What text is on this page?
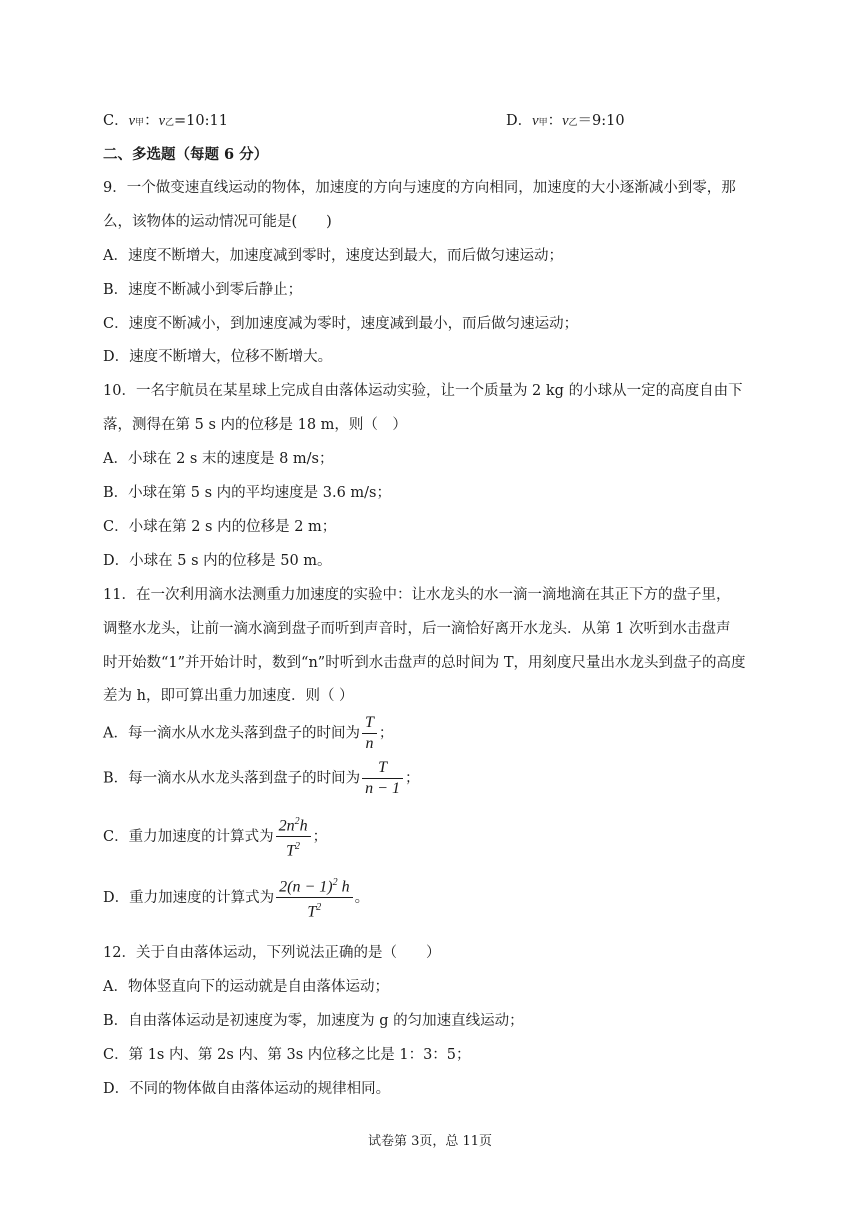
C．v甲：v乙=10:11	D．v甲：v乙＝9:10
二、多选题（每题 6 分）
9．一个做变速直线运动的物体，加速度的方向与速度的方向相同，加速度的大小逐渐减小到零，那
么，该物体的运动情况可能是(　　)
A．速度不断增大，加速度减到零时，速度达到最大，而后做匀速运动；
B．速度不断减小到零后静止；
C．速度不断减小，到加速度减为零时，速度减到最小，而后做匀速运动；
D．速度不断增大，位移不断增大。
10．一名宇航员在某星球上完成自由落体运动实验，让一个质量为 2 kg 的小球从一定的高度自由下
落，测得在第 5 s 内的位移是 18 m，则（　）
A．小球在 2 s 末的速度是 8 m/s；
B．小球在第 5 s 内的平均速度是 3.6 m/s；
C．小球在第 2 s 内的位移是 2 m；
D．小球在 5 s 内的位移是 50 m。
11．在一次利用滴水法测重力加速度的实验中：让水龙头的水一滴一滴地滴在其正下方的盘子里，
调整水龙头，让前一滴水滴到盘子而听到声音时，后一滴恰好离开水龙头．从第 1 次听到水击盘声
时开始数“1”并开始计时，数到“n”时听到水击盘声的总时间为 T，用刻度尺量出水龙头到盘子的高度
差为 h，即可算出重力加速度．则（ ）
A．每一滴水从水龙头落到盘子的时间为 $\frac{T}{n}$ ；
B．每一滴水从水龙头落到盘子的时间为 $\frac{T}{n - 1}$ ；
C．重力加速度的计算式为 $\frac{2n^2h}{T^2}$ ；
D．重力加速度的计算式为 $\frac{2(n - 1)^2 h}{T^2}$ 。
12．关于自由落体运动，下列说法正确的是（　　）
A．物体竖直向下的运动就是自由落体运动；
B．自由落体运动是初速度为零，加速度为 g 的匀加速直线运动；
C．第 1s 内、第 2s 内、第 3s 内位移之比是 1：3：5；
D．不同的物体做自由落体运动的规律相同。
试卷第 3页，总 11页
